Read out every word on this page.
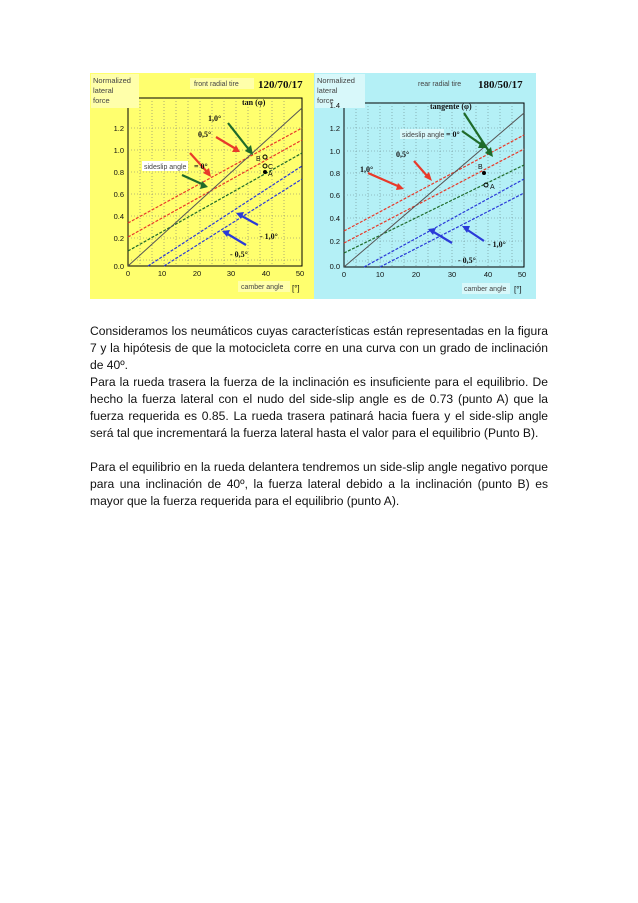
Normalized
lateral
force
front radial tire 120/70/17
1.2
1.0
0.8
0.6
0.4
0.2
0.0
0	10	20	30	40	50
camber angle [°]
tan (φ)
1,0°
0,5°
sideslip angle = 0°
B
C
A
- 1,0°
- 0,5°
Normalized
lateral
force
rear radial tire 180/50/17
1.4
1.2
1.0
0.8
0.6
0.4
0.2
0.0
0	10	20	30	40	50
camber angle [°]
tangente (φ)
sideslip angle = 0°
0,5°
1,0°	B
A
- 1,0°
- 0,5°

Consideramos los neumáticos cuyas características están representadas en la figura 7 y la hipótesis de que la motocicleta corre en una curva con un grado de inclinación de 40º.

Para la rueda trasera la fuerza de la inclinación es insuficiente para el equilibrio. De hecho la fuerza lateral con el nudo del side-slip angle es de 0.73 (punto A) que la fuerza requerida es 0.85. La rueda trasera patinará hacia fuera y el side-slip angle será tal que incrementará la fuerza lateral hasta el valor para el equilibrio (Punto B).

Para el equilibrio en la rueda delantera tendremos un side-slip angle negativo porque para una inclinación de 40º, la fuerza lateral debido a la inclinación (punto B) es mayor que la fuerza requerida para el equilibrio (punto A).
